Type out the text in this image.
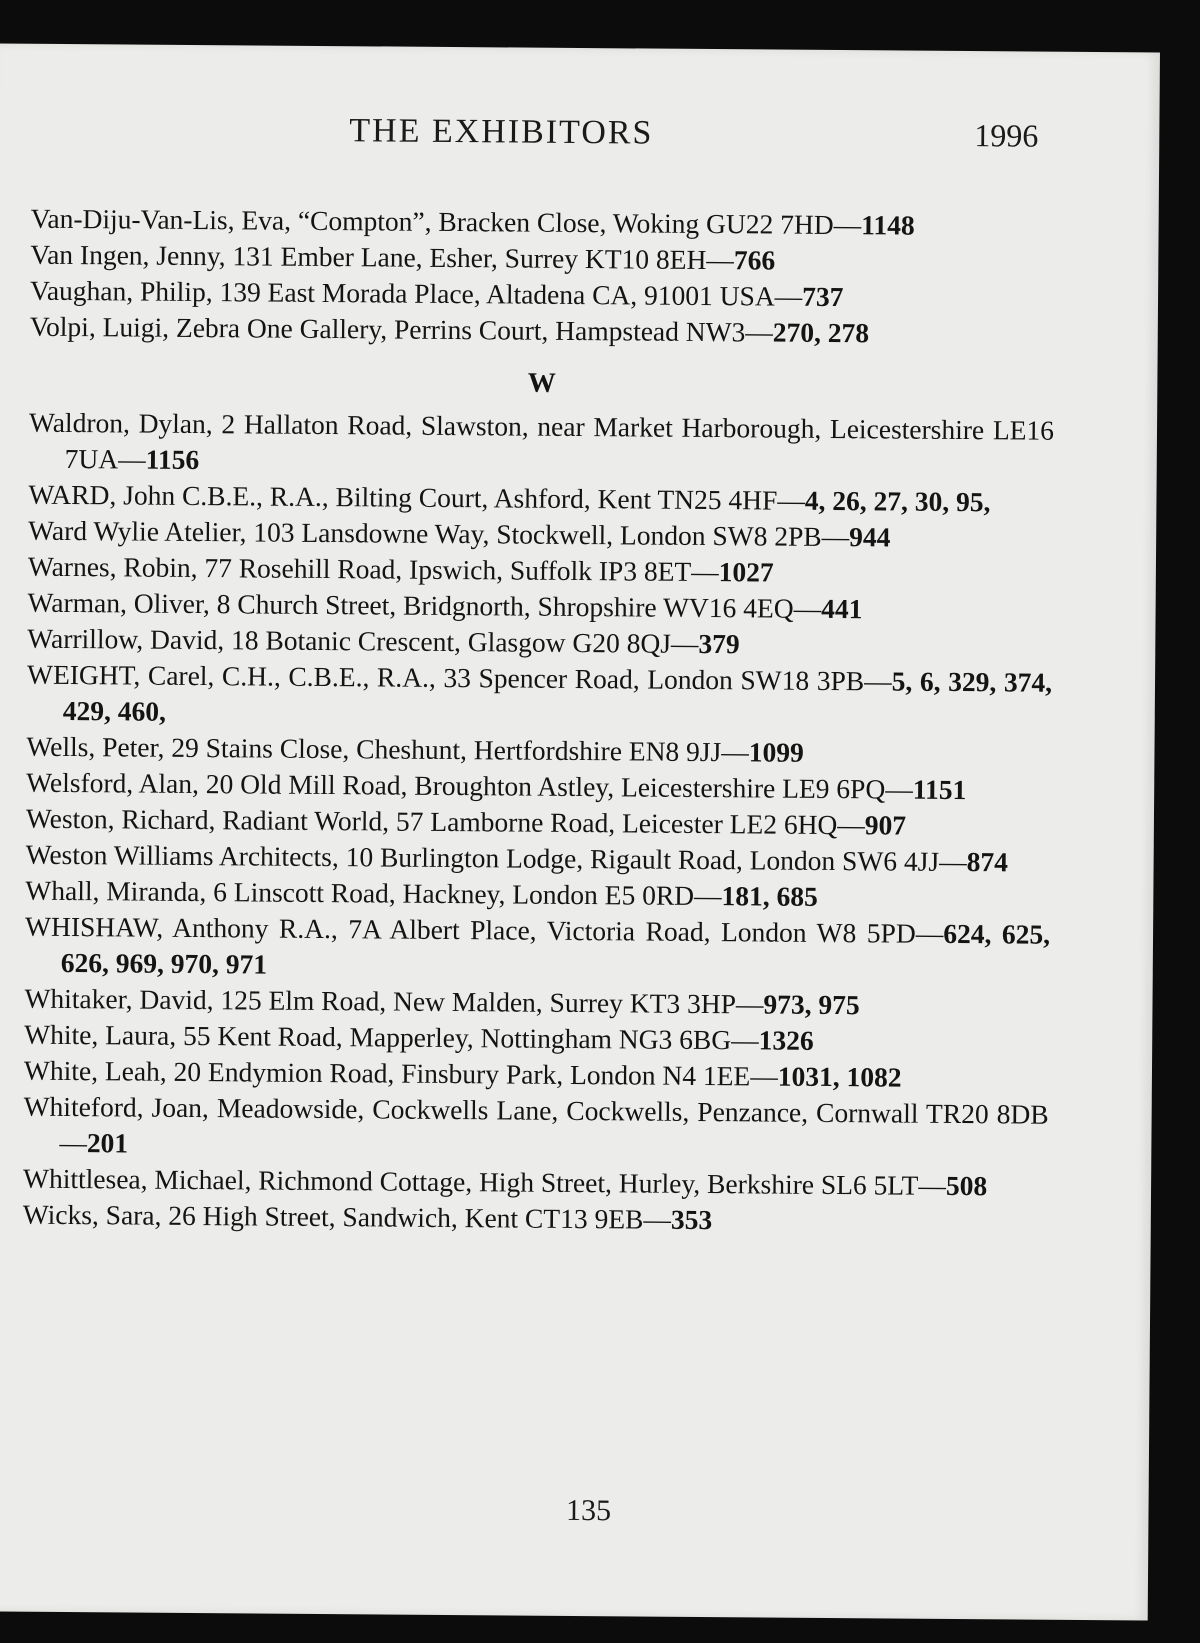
THE EXHIBITORS	1996
Van-Diju-Van-Lis, Eva, “Compton”, Bracken Close, Woking GU22 7HD—1148
Van Ingen, Jenny, 131 Ember Lane, Esher, Surrey KT10 8EH—766
Vaughan, Philip, 139 East Morada Place, Altadena CA, 91001 USA—737
Volpi, Luigi, Zebra One Gallery, Perrins Court, Hampstead NW3—270, 278
W
Waldron, Dylan, 2 Hallaton Road, Slawston, near Market Harborough, Leicestershire LE16 7UA—1156
WARD, John C.B.E., R.A., Bilting Court, Ashford, Kent TN25 4HF—4, 26, 27, 30, 95,
Ward Wylie Atelier, 103 Lansdowne Way, Stockwell, London SW8 2PB—944
Warnes, Robin, 77 Rosehill Road, Ipswich, Suffolk IP3 8ET—1027
Warman, Oliver, 8 Church Street, Bridgnorth, Shropshire WV16 4EQ—441
Warrillow, David, 18 Botanic Crescent, Glasgow G20 8QJ—379
WEIGHT, Carel, C.H., C.B.E., R.A., 33 Spencer Road, London SW18 3PB—5, 6, 329, 374, 429, 460,
Wells, Peter, 29 Stains Close, Cheshunt, Hertfordshire EN8 9JJ—1099
Welsford, Alan, 20 Old Mill Road, Broughton Astley, Leicestershire LE9 6PQ—1151
Weston, Richard, Radiant World, 57 Lamborne Road, Leicester LE2 6HQ—907
Weston Williams Architects, 10 Burlington Lodge, Rigault Road, London SW6 4JJ—874
Whall, Miranda, 6 Linscott Road, Hackney, London E5 0RD—181, 685
WHISHAW, Anthony R.A., 7A Albert Place, Victoria Road, London W8 5PD—624, 625, 626, 969, 970, 971
Whitaker, David, 125 Elm Road, New Malden, Surrey KT3 3HP—973, 975
White, Laura, 55 Kent Road, Mapperley, Nottingham NG3 6BG—1326
White, Leah, 20 Endymion Road, Finsbury Park, London N4 1EE—1031, 1082
Whiteford, Joan, Meadowside, Cockwells Lane, Cockwells, Penzance, Cornwall TR20 8DB—201
Whittlesea, Michael, Richmond Cottage, High Street, Hurley, Berkshire SL6 5LT—508
Wicks, Sara, 26 High Street, Sandwich, Kent CT13 9EB—353
135
